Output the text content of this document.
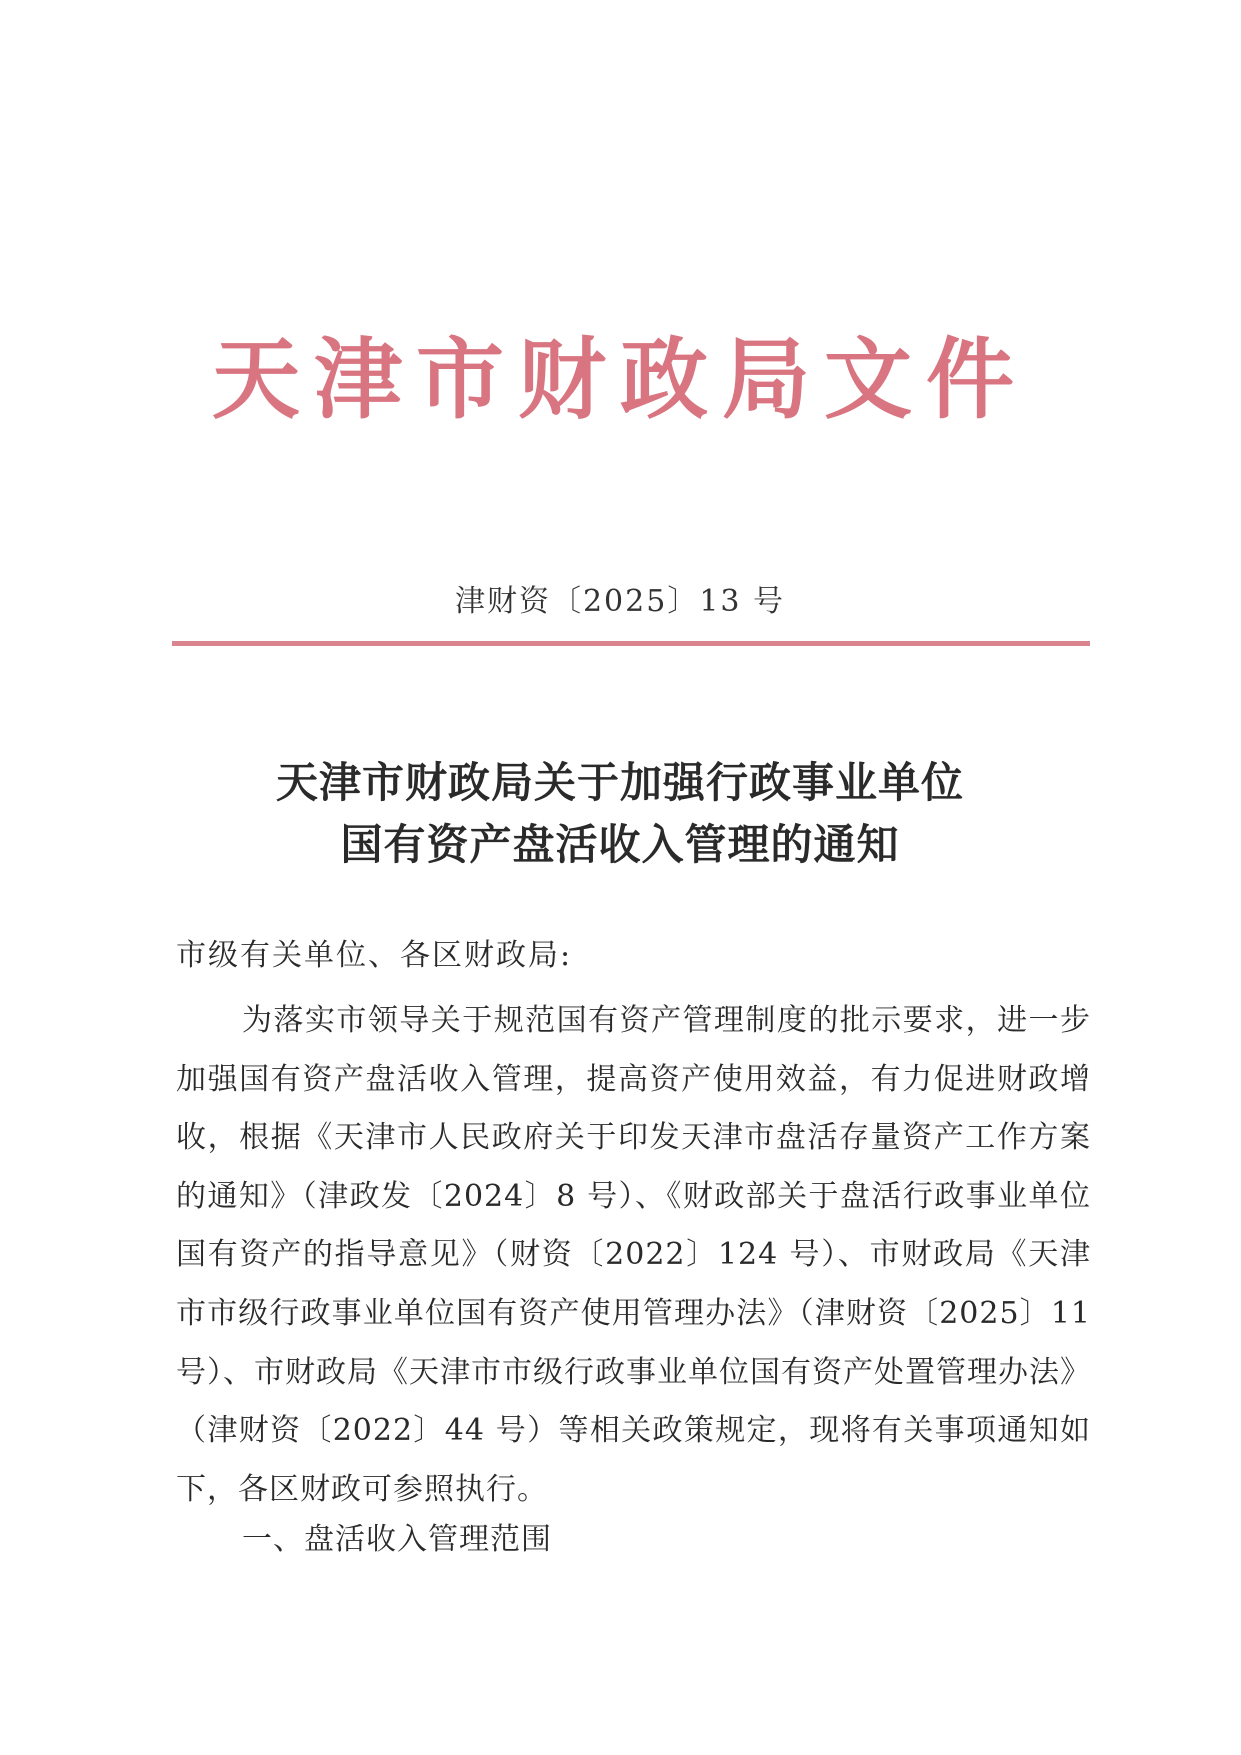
天津市财政局文件
津财资〔2025〕13 号
天津市财政局关于加强行政事业单位
国有资产盘活收入管理的通知
市级有关单位、各区财政局:
为落实市领导关于规范国有资产管理制度的批示要求，进一步加强国有资产盘活收入管理，提高资产使用效益，有力促进财政增收，根据《天津市人民政府关于印发天津市盘活存量资产工作方案的通知》（津政发〔2024〕8 号）、《财政部关于盘活行政事业单位国有资产的指导意见》（财资〔2022〕124 号）、市财政局《天津市市级行政事业单位国有资产使用管理办法》（津财资〔2025〕11 号）、市财政局《天津市市级行政事业单位国有资产处置管理办法》（津财资〔2022〕44 号）等相关政策规定，现将有关事项通知如下，各区财政可参照执行。
一、盘活收入管理范围
